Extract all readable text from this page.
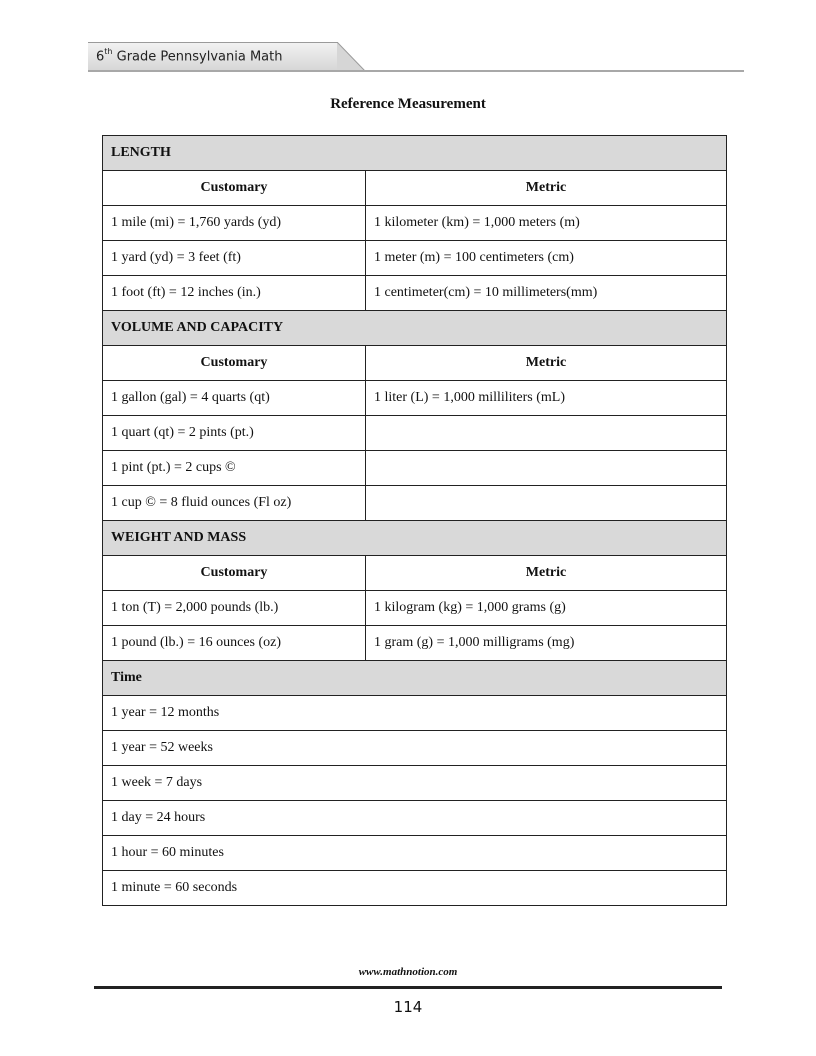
6th Grade Pennsylvania Math
Reference Measurement
LENGTH	
Customary	Metric
1 mile (mi) = 1,760 yards (yd)	1 kilometer (km) = 1,000 meters (m)
1 yard (yd) = 3 feet (ft)	1 meter (m) = 100 centimeters (cm)
1 foot (ft) = 12 inches (in.)	1 centimeter(cm) = 10 millimeters(mm)
VOLUME AND CAPACITY	
Customary	Metric
1 gallon (gal) = 4 quarts (qt)	1 liter (L) = 1,000 milliliters (mL)
1 quart (qt) = 2 pints (pt.)	
1 pint (pt.) = 2 cups ©	
1 cup © = 8 fluid ounces (Fl oz)	
WEIGHT AND MASS	
Customary	Metric
1 ton (T) = 2,000 pounds (lb.)	1 kilogram (kg) = 1,000 grams (g)
1 pound (lb.) = 16 ounces (oz)	1 gram (g) = 1,000 milligrams (mg)
Time	
1 year = 12 months	
1 year = 52 weeks	
1 week = 7 days	
1 day = 24 hours	
1 hour = 60 minutes	
1 minute = 60 seconds	
www.mathnotion.com
114
